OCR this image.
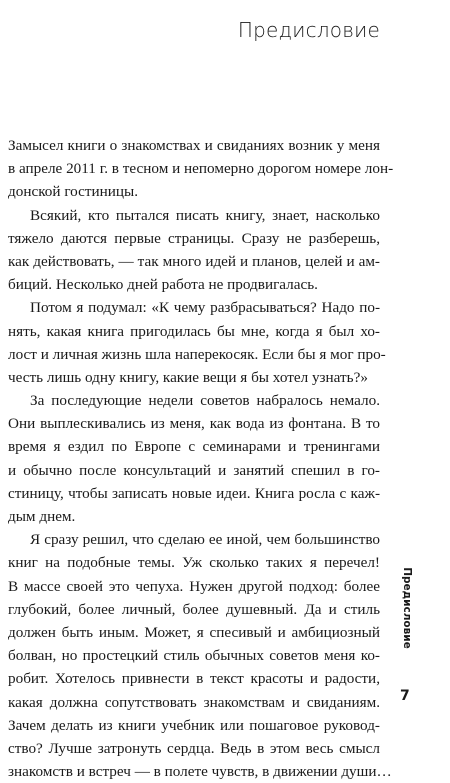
Предисловие
Замысел книги о знакомствах и свиданиях возник у меня
в апреле 2011 г. в тесном и непомерно дорогом номере лон-
донской гостиницы.
Всякий, кто пытался писать книгу, знает, насколько
тяжело даются первые страницы. Сразу не разберешь,
как действовать, — так много идей и планов, целей и ам-
биций. Несколько дней работа не продвигалась.
Потом я подумал: «К чему разбрасываться? Надо по-
нять, какая книга пригодилась бы мне, когда я был хо-
лост и личная жизнь шла наперекосяк. Если бы я мог про-
честь лишь одну книгу, какие вещи я бы хотел узнать?»
За последующие недели советов набралось немало.
Они выплескивались из меня, как вода из фонтана. В то
время я ездил по Европе с семинарами и тренингами
и обычно после консультаций и занятий спешил в го-
стиницу, чтобы записать новые идеи. Книга росла с каж-
дым днем.
Я сразу решил, что сделаю ее иной, чем большинство
книг на подобные темы. Уж сколько таких я перечел!
В массе своей это чепуха. Нужен другой подход: более
глубокий, более личный, более душевный. Да и стиль
должен быть иным. Может, я спесивый и амбициозный
болван, но простецкий стиль обычных советов меня ко-
робит. Хотелось привнести в текст красоты и радости,
какая должна сопутствовать знакомствам и свиданиям.
Зачем делать из книги учебник или пошаговое руковод-
ство? Лучше затронуть сердца. Ведь в этом весь смысл
знакомств и встреч — в полете чувств, в движении души…
Предисловие
7
